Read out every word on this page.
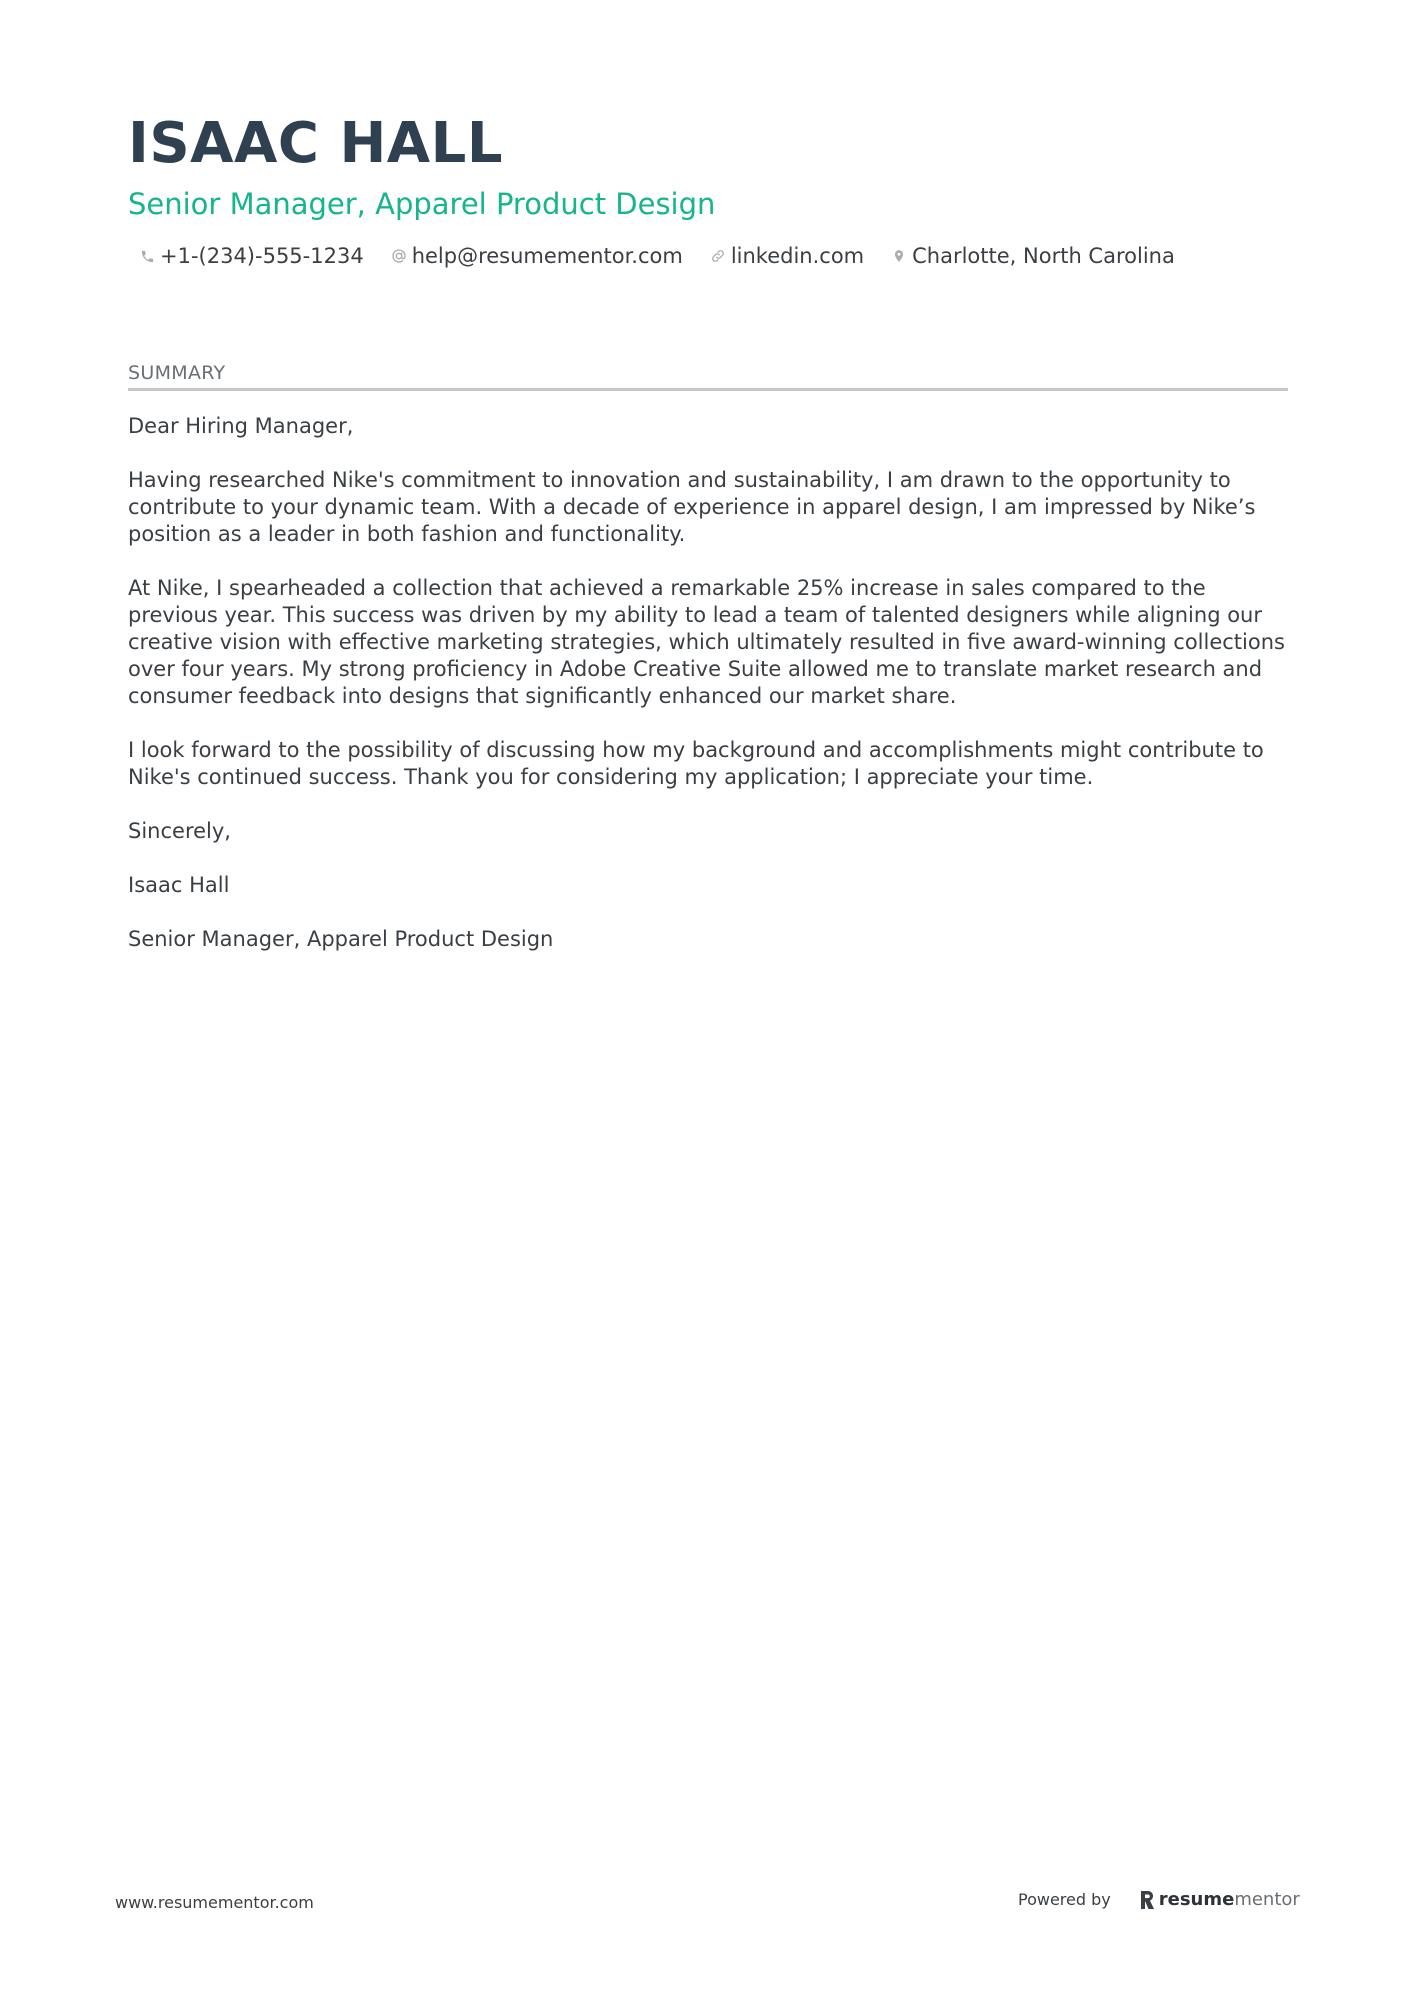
ISAAC HALL
Senior Manager, Apparel Product Design
+1-(234)-555-1234 help@resumementor.com linkedin.com Charlotte, North Carolina
SUMMARY

Dear Hiring Manager,

Having researched Nike's commitment to innovation and sustainability, I am drawn to the opportunity to contribute to your dynamic team. With a decade of experience in apparel design, I am impressed by Nike’s position as a leader in both fashion and functionality.

At Nike, I spearheaded a collection that achieved a remarkable 25% increase in sales compared to the previous year. This success was driven by my ability to lead a team of talented designers while aligning our creative vision with effective marketing strategies, which ultimately resulted in five award-winning collections over four years. My strong proficiency in Adobe Creative Suite allowed me to translate market research and consumer feedback into designs that significantly enhanced our market share.

I look forward to the possibility of discussing how my background and accomplishments might contribute to Nike's continued success. Thank you for considering my application; I appreciate your time.

Sincerely,

Isaac Hall

Senior Manager, Apparel Product Design

www.resumementor.com	Powered by	resume mentor
